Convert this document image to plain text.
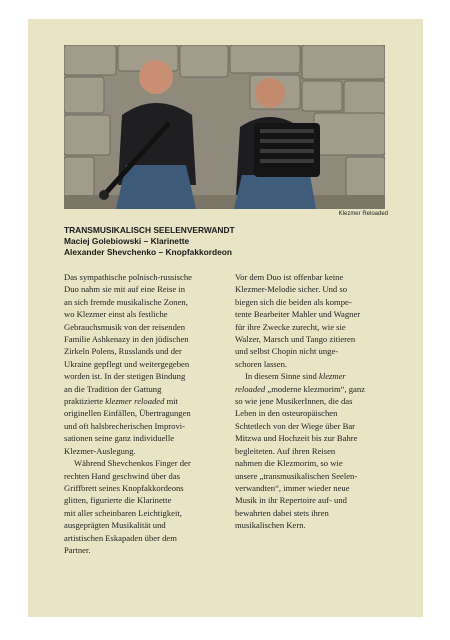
Klezmer Reloaded
TRANSMUSIKALISCH SEELENVERWANDT
Maciej Golebiowski – Klarinette
Alexander Shevchenko – Knopfakkordeon

Das sympathische polnisch-russische
Duo nahm sie mit auf eine Reise in
an sich fremde musikalische Zonen,
wo Klezmer einst als festliche
Gebrauchsmusik von der reisenden
Familie Ashkenazy in den jüdischen
Zirkeln Polens, Russlands und der
Ukraine gepflegt und weitergegeben
worden ist. In der stetigen Bindung
an die Tradition der Gattung
praktizierte klezmer reloaded mit
originellen Einfällen, Übertragungen
und oft halsbrecherischen Improvi-
sationen seine ganz individuelle
Klezmer-Auslegung.

Während Shevchenkos Finger der
rechten Hand geschwind über das
Griffbrett seines Knopfakkordeons
glitten, figurierte die Klarinette
mit aller scheinbaren Leichtigkeit,
ausgeprägten Musikalität und
artistischen Eskapaden über dem
Partner.

Vor dem Duo ist offenbar keine
Klezmer-Melodie sicher. Und so
biegen sich die beiden als kompe-
tente Bearbeiter Mahler und Wagner
für ihre Zwecke zurecht, wie sie
Walzer, Marsch und Tango zitieren
und selbst Chopin nicht unge-
schoren lassen.

In diesem Sinne sind klezmer
reloaded „moderne klezmorim“, ganz
so wie jene MusikerInnen, die das
Leben in den osteuropäischen
Schtetlech von der Wiege über Bar
Mitzwa und Hochzeit bis zur Bahre
begleiteten. Auf ihren Reisen
nahmen die Klezmorim, so wie
unsere „transmusikalischen Seelen-
verwandten“, immer wieder neue
Musik in ihr Repertoire auf- und
bewahrten dabei stets ihren
musikalischen Kern.
